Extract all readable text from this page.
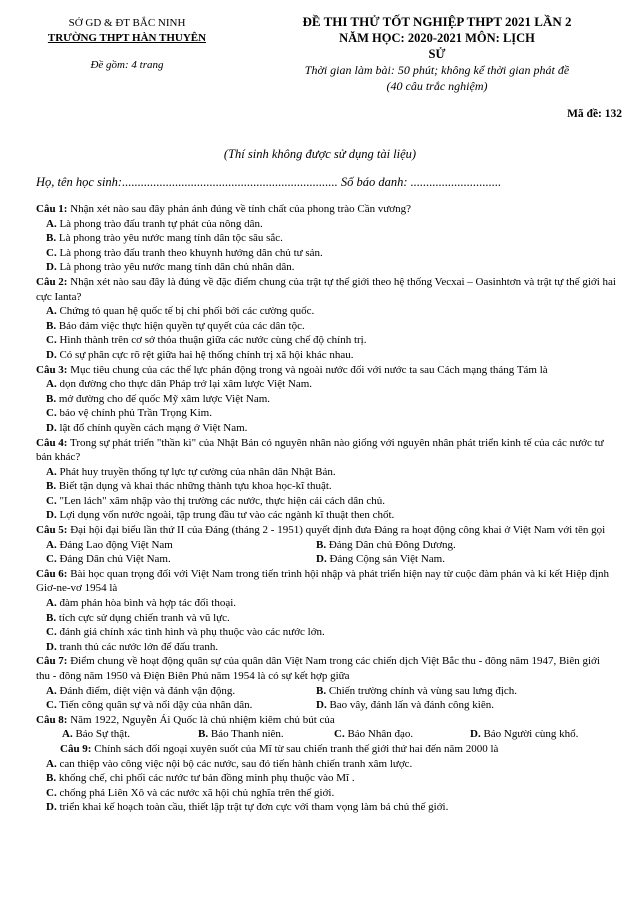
SỞ GD & ĐT BẮC NINH
TRƯỜNG THPT HÀN THUYÊN
Đề gồm: 4 trang
ĐỀ THI THỬ TỐT NGHIỆP THPT 2021 LẦN 2
NĂM HỌC: 2020-2021 MÔN: LỊCH
SỬ
Thời gian làm bài: 50 phút; không kể thời gian phát đề
(40 câu trắc nghiệm)
Mã đề: 132
(Thí sinh không được sử dụng tài liệu)
Họ, tên học sinh:..................................................................... Số báo danh: .............................

Câu 1: Nhận xét nào sau đây phản ánh đúng về tính chất của phong trào Cần vương?

A. Là phong trào đấu tranh tự phát của nông dân.

B. Là phong trào yêu nước mang tính dân tộc sâu sắc.

C. Là phong trào đấu tranh theo khuynh hướng dân chủ tư sản.

D. Là phong trào yêu nước mang tính dân chủ nhân dân.

Câu 2: Nhận xét nào sau đây là đúng về đặc điểm chung của trật tự thế giới theo hệ thống Vecxai – Oasinhtơn và trật tự thế giới hai cực Ianta?

A. Chứng tỏ quan hệ quốc tế bị chi phối bởi các cường quốc.

B. Bảo đảm việc thực hiện quyền tự quyết của các dân tộc.

C. Hình thành trên cơ sở thỏa thuận giữa các nước cùng chế độ chính trị.

D. Có sự phân cực rõ rệt giữa hai hệ thống chính trị xã hội khác nhau.

Câu 3: Mục tiêu chung của các thế lực phản động trong và ngoài nước đối với nước ta sau Cách mạng tháng Tám là

A. dọn đường cho thực dân Pháp trở lại xâm lược Việt Nam.

B. mở đường cho đế quốc Mỹ xâm lược Việt Nam.

C. bảo vệ chính phủ Trần Trọng Kim.

D. lật đổ chính quyền cách mạng ở Việt Nam.

Câu 4: Trong sự phát triển "thần kì" của Nhật Bản có nguyên nhân nào giống với nguyên nhân phát triển kinh tế của các nước tư bản khác?

A. Phát huy truyền thống tự lực tự cường của nhân dân Nhật Bản.

B. Biết tận dụng và khai thác những thành tựu khoa học-kĩ thuật.

C. "Len lách" xâm nhập vào thị trường các nước, thực hiện cải cách dân chủ.

D. Lợi dụng vốn nước ngoài, tập trung đầu tư vào các ngành kĩ thuật then chốt.

Câu 5: Đại hội đại biểu lần thứ II của Đảng (tháng 2 - 1951) quyết định đưa Đảng ra hoạt động công khai ở Việt Nam với tên gọi

A. Đảng Lao động Việt Nam	B. Đảng Dân chủ Đông Dương.
C. Đảng Dân chủ Việt Nam.	D. Đảng Cộng sản Việt Nam.

Câu 6: Bài học quan trọng đối với Việt Nam trong tiến trình hội nhập và phát triển hiện nay từ cuộc đàm phán và kí kết Hiệp định Giơ-ne-vơ 1954 là

A. đàm phán hòa bình và hợp tác đối thoại.

B. tích cực sử dụng chiến tranh và vũ lực.

C. đánh giá chính xác tình hình và phụ thuộc vào các nước lớn.

D. tranh thủ các nước lớn để đấu tranh.

Câu 7: Điểm chung về hoạt động quân sự của quân dân Việt Nam trong các chiến dịch Việt Bắc thu - đông năm 1947, Biên giới thu - đông năm 1950 và Điện Biên Phủ năm 1954 là có sự kết hợp giữa

A. Đánh điểm, diệt viện và đánh vận động.	B. Chiến trường chính và vùng sau lưng địch.
C. Tiến công quân sự và nổi dậy của nhân dân.	D. Bao vây, đánh lấn và đánh công kiên.

Câu 8: Năm 1922, Nguyễn Ái Quốc là chủ nhiệm kiêm chủ bút của

A. Báo Sự thật.	B. Báo Thanh niên.	C. Báo Nhân đạo.	D. Báo Người cùng khổ.

Câu 9: Chính sách đối ngoại xuyên suốt của Mĩ từ sau chiến tranh thế giới thứ hai đến năm 2000 là

A. can thiệp vào công việc nội bộ các nước, sau đó tiến hành chiến tranh xâm lược.

B. khống chế, chi phối các nước tư bản đồng minh phụ thuộc vào Mĩ .

C. chống phá Liên Xô và các nước xã hội chủ nghĩa trên thế giới.

D. triển khai kế hoạch toàn cầu, thiết lập trật tự đơn cực với tham vọng làm bá chủ thế giới.
